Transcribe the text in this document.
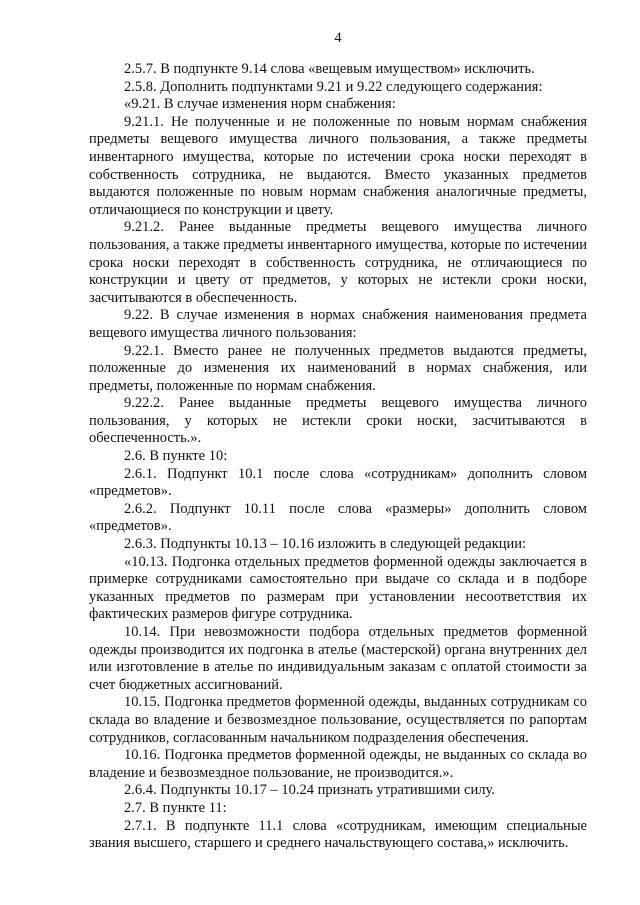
4

2.5.7. В подпункте 9.14 слова «вещевым имуществом» исключить.

2.5.8. Дополнить подпунктами 9.21 и 9.22 следующего содержания:

«9.21. В случае изменения норм снабжения:

9.21.1. Не полученные и не положенные по новым нормам снабжения предметы вещевого имущества личного пользования, а также предметы инвентарного имущества, которые по истечении срока носки переходят в собственность сотрудника, не выдаются. Вместо указанных предметов выдаются положенные по новым нормам снабжения аналогичные предметы, отличающиеся по конструкции и цвету.

9.21.2. Ранее выданные предметы вещевого имущества личного пользования, а также предметы инвентарного имущества, которые по истечении срока носки переходят в собственность сотрудника, не отличающиеся по конструкции и цвету от предметов, у которых не истекли сроки носки, засчитываются в обеспеченность.

9.22. В случае изменения в нормах снабжения наименования предмета вещевого имущества личного пользования:

9.22.1. Вместо ранее не полученных предметов выдаются предметы, положенные до изменения их наименований в нормах снабжения, или предметы, положенные по нормам снабжения.

9.22.2. Ранее выданные предметы вещевого имущества личного пользования, у которых не истекли сроки носки, засчитываются в обеспеченность.».

2.6. В пункте 10:

2.6.1. Подпункт 10.1 после слова «сотрудникам» дополнить словом «предметов».

2.6.2. Подпункт 10.11 после слова «размеры» дополнить словом «предметов».

2.6.3. Подпункты 10.13 – 10.16 изложить в следующей редакции:

«10.13. Подгонка отдельных предметов форменной одежды заключается в примерке сотрудниками самостоятельно при выдаче со склада и в подборе указанных предметов по размерам при установлении несоответствия их фактических размеров фигуре сотрудника.

10.14. При невозможности подбора отдельных предметов форменной одежды производится их подгонка в ателье (мастерской) органа внутренних дел или изготовление в ателье по индивидуальным заказам с оплатой стоимости за счет бюджетных ассигнований.

10.15. Подгонка предметов форменной одежды, выданных сотрудникам со склада во владение и безвозмездное пользование, осуществляется по рапортам сотрудников, согласованным начальником подразделения обеспечения.

10.16. Подгонка предметов форменной одежды, не выданных со склада во владение и безвозмездное пользование, не производится.».

2.6.4. Подпункты 10.17 – 10.24 признать утратившими силу.

2.7. В пункте 11:

2.7.1. В подпункте 11.1 слова «сотрудникам, имеющим специальные звания высшего, старшего и среднего начальствующего состава,» исключить.
